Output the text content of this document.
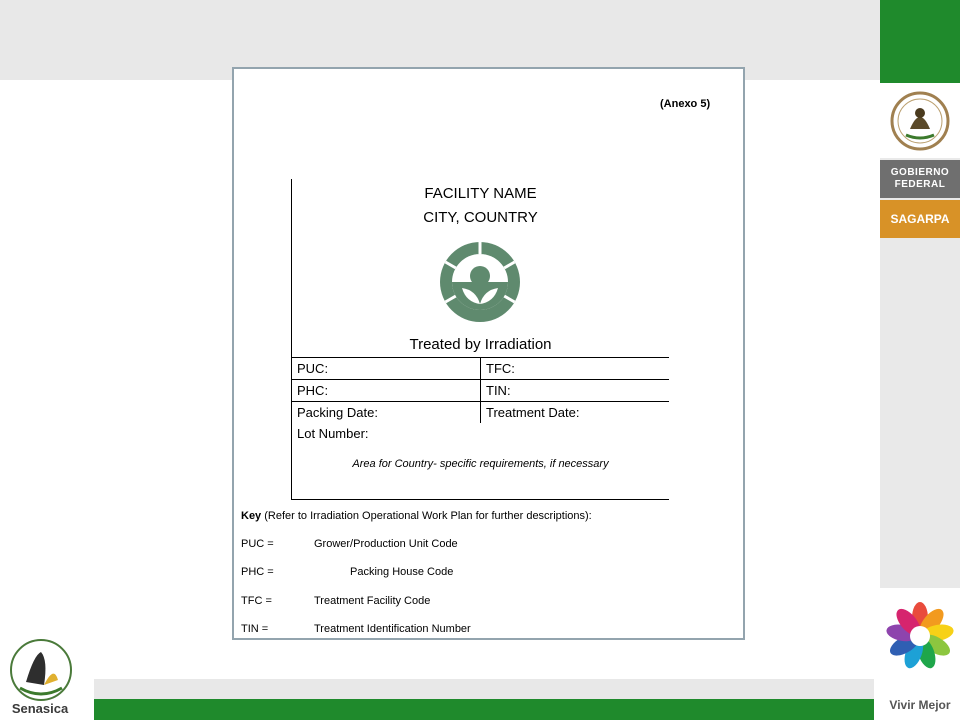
GOBIERNO
FEDERAL
SAGARPA
Vivir Mejor
Senasica
(Anexo 5)
FACILITY NAME
CITY, COUNTRY
Treated by Irradiation
PUC:	TFC:
PHC:	TIN:
Packing Date:	Treatment Date:
Lot Number:
Area for Country- specific requirements, if necessary
Key (Refer to Irradiation Operational Work Plan for further descriptions):
PUC =	Grower/Production Unit Code
PHC =	Packing House Code
TFC =	Treatment Facility Code
TIN =	Treatment Identification Number
